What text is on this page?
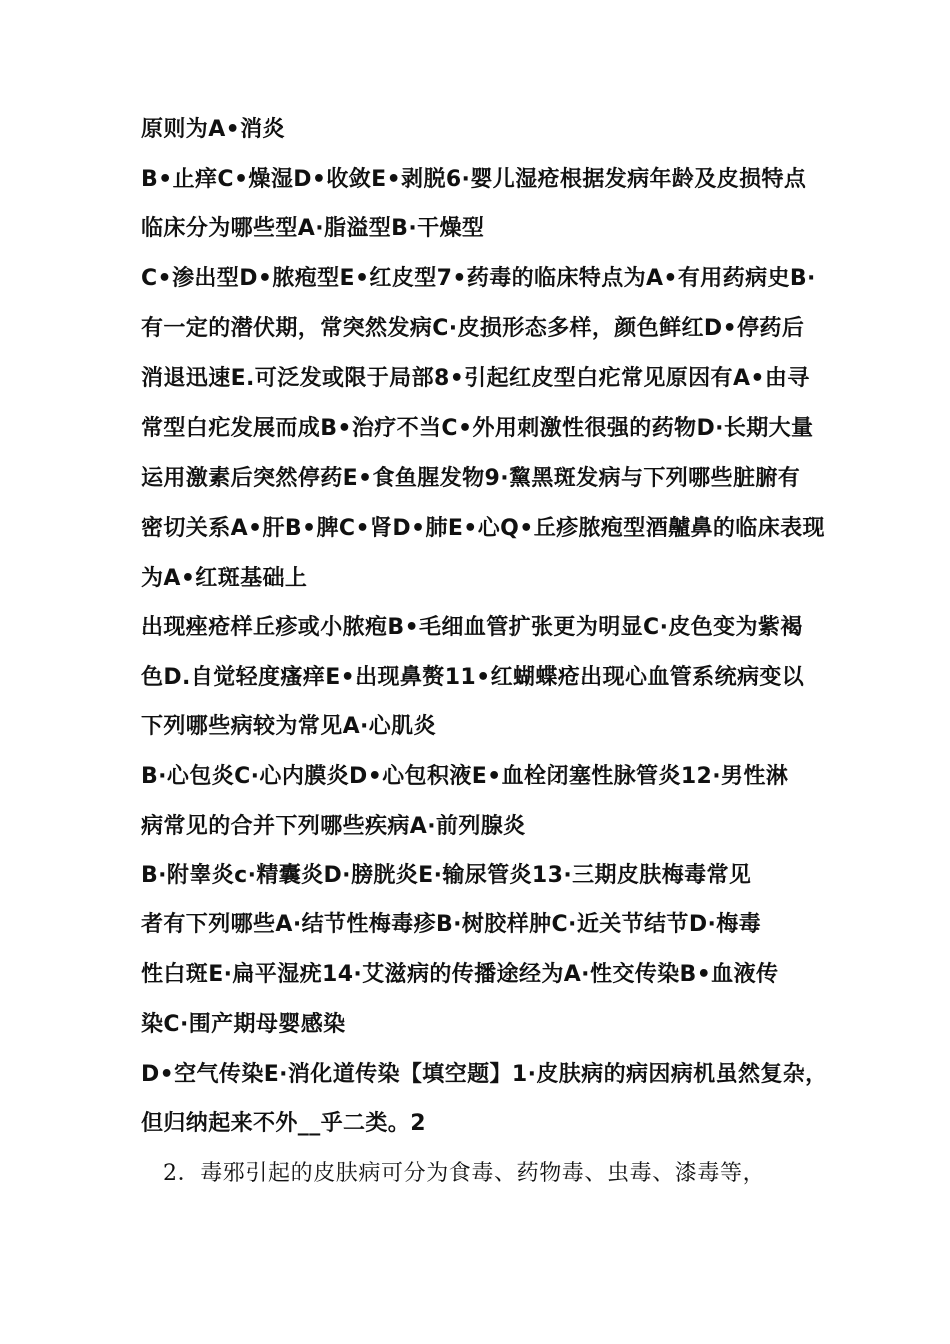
原则为A•消炎
B•止痒C•燥湿D•收敛E•剥脱6·婴儿湿疮根据发病年龄及皮损特点
临床分为哪些型A·脂溢型B·干燥型
C•渗出型D•脓疱型E•红皮型7•药毒的临床特点为A•有用药病史B·
有一定的潜伏期，常突然发病C·皮损形态多样，颜色鲜红D•停药后
消退迅速E.可泛发或限于局部8•引起红皮型白疕常见原因有A•由寻
常型白疕发展而成B•治疗不当C•外用刺激性很强的药物D·长期大量
运用激素后突然停药E•食鱼腥发物9·黧黑斑发病与下列哪些脏腑有
密切关系A•肝B•脾C•肾D•肺E•心Q•丘疹脓疱型酒齇鼻的临床表现
为A•红斑基础上
出现痤疮样丘疹或小脓疱B•毛细血管扩张更为明显C·皮色变为紫褐
色D.自觉轻度瘙痒E•出现鼻赘11•红蝴蝶疮出现心血管系统病变以
下列哪些病较为常见A·心肌炎
B·心包炎C·心内膜炎D•心包积液E•血栓闭塞性脉管炎12·男性淋
病常见的合并下列哪些疾病A·前列腺炎
B·附睾炎c·精囊炎D·膀胱炎E·输尿管炎13·三期皮肤梅毒常见
者有下列哪些A·结节性梅毒疹B·树胶样肿C·近关节结节D·梅毒
性白斑E·扁平湿疣14·艾滋病的传播途经为A·性交传染B•血液传
染C·围产期母婴感染
D•空气传染E·消化道传染【填空题】1·皮肤病的病因病机虽然复杂，
但归纳起来不外__乎二类。2
2．毒邪引起的皮肤病可分为食毒、药物毒、虫毒、漆毒等，
